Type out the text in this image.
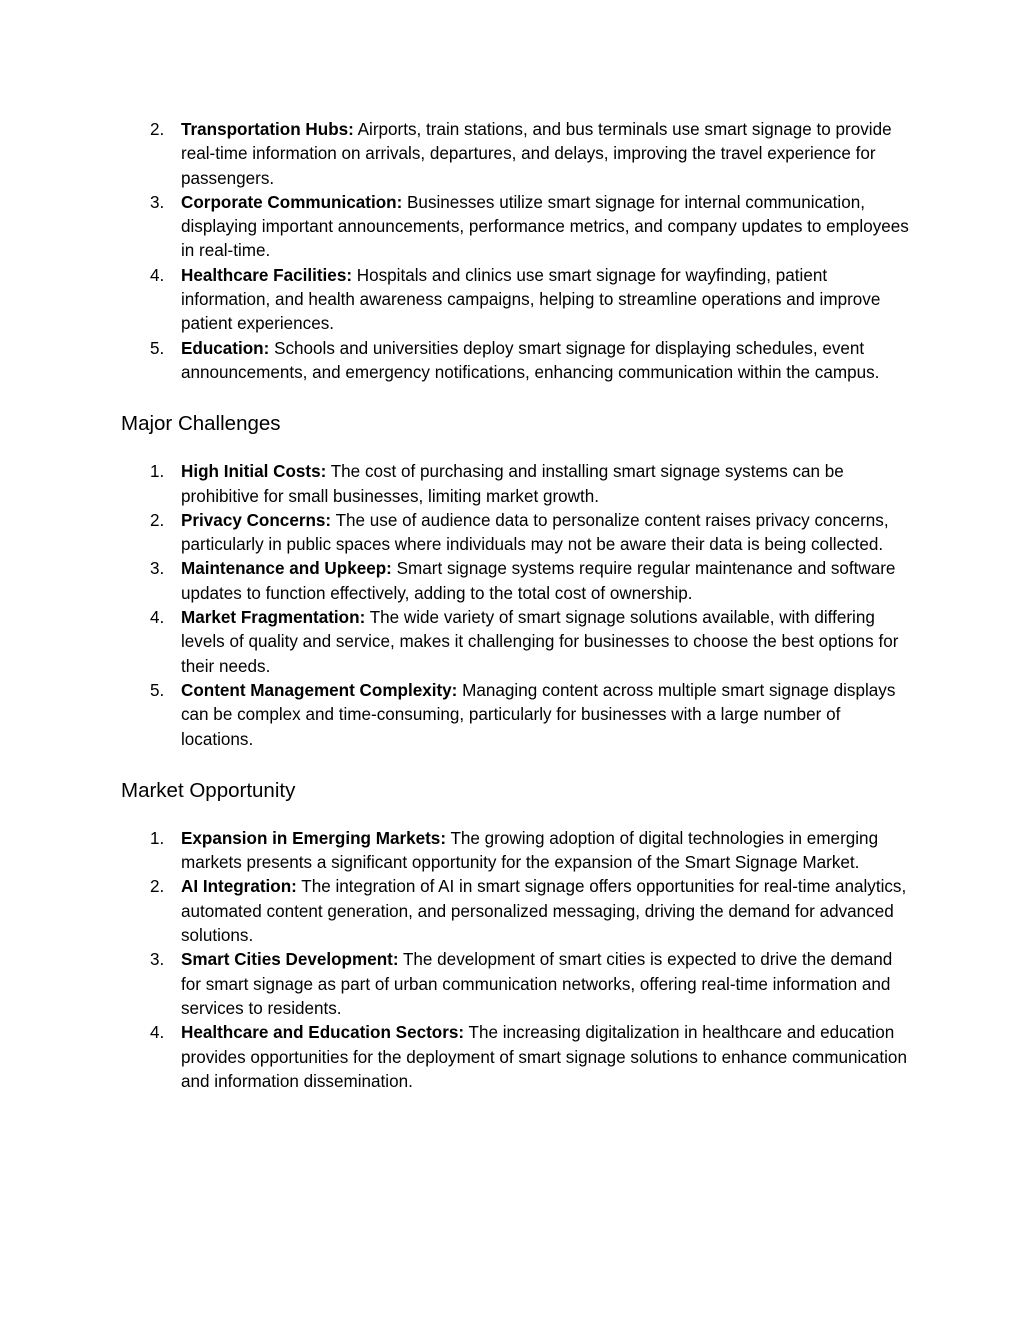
2. Transportation Hubs: Airports, train stations, and bus terminals use smart signage to provide real-time information on arrivals, departures, and delays, improving the travel experience for passengers.
3. Corporate Communication: Businesses utilize smart signage for internal communication, displaying important announcements, performance metrics, and company updates to employees in real-time.
4. Healthcare Facilities: Hospitals and clinics use smart signage for wayfinding, patient information, and health awareness campaigns, helping to streamline operations and improve patient experiences.
5. Education: Schools and universities deploy smart signage for displaying schedules, event announcements, and emergency notifications, enhancing communication within the campus.
Major Challenges
1. High Initial Costs: The cost of purchasing and installing smart signage systems can be prohibitive for small businesses, limiting market growth.
2. Privacy Concerns: The use of audience data to personalize content raises privacy concerns, particularly in public spaces where individuals may not be aware their data is being collected.
3. Maintenance and Upkeep: Smart signage systems require regular maintenance and software updates to function effectively, adding to the total cost of ownership.
4. Market Fragmentation: The wide variety of smart signage solutions available, with differing levels of quality and service, makes it challenging for businesses to choose the best options for their needs.
5. Content Management Complexity: Managing content across multiple smart signage displays can be complex and time-consuming, particularly for businesses with a large number of locations.
Market Opportunity
1. Expansion in Emerging Markets: The growing adoption of digital technologies in emerging markets presents a significant opportunity for the expansion of the Smart Signage Market.
2. AI Integration: The integration of AI in smart signage offers opportunities for real-time analytics, automated content generation, and personalized messaging, driving the demand for advanced solutions.
3. Smart Cities Development: The development of smart cities is expected to drive the demand for smart signage as part of urban communication networks, offering real-time information and services to residents.
4. Healthcare and Education Sectors: The increasing digitalization in healthcare and education provides opportunities for the deployment of smart signage solutions to enhance communication and information dissemination.
